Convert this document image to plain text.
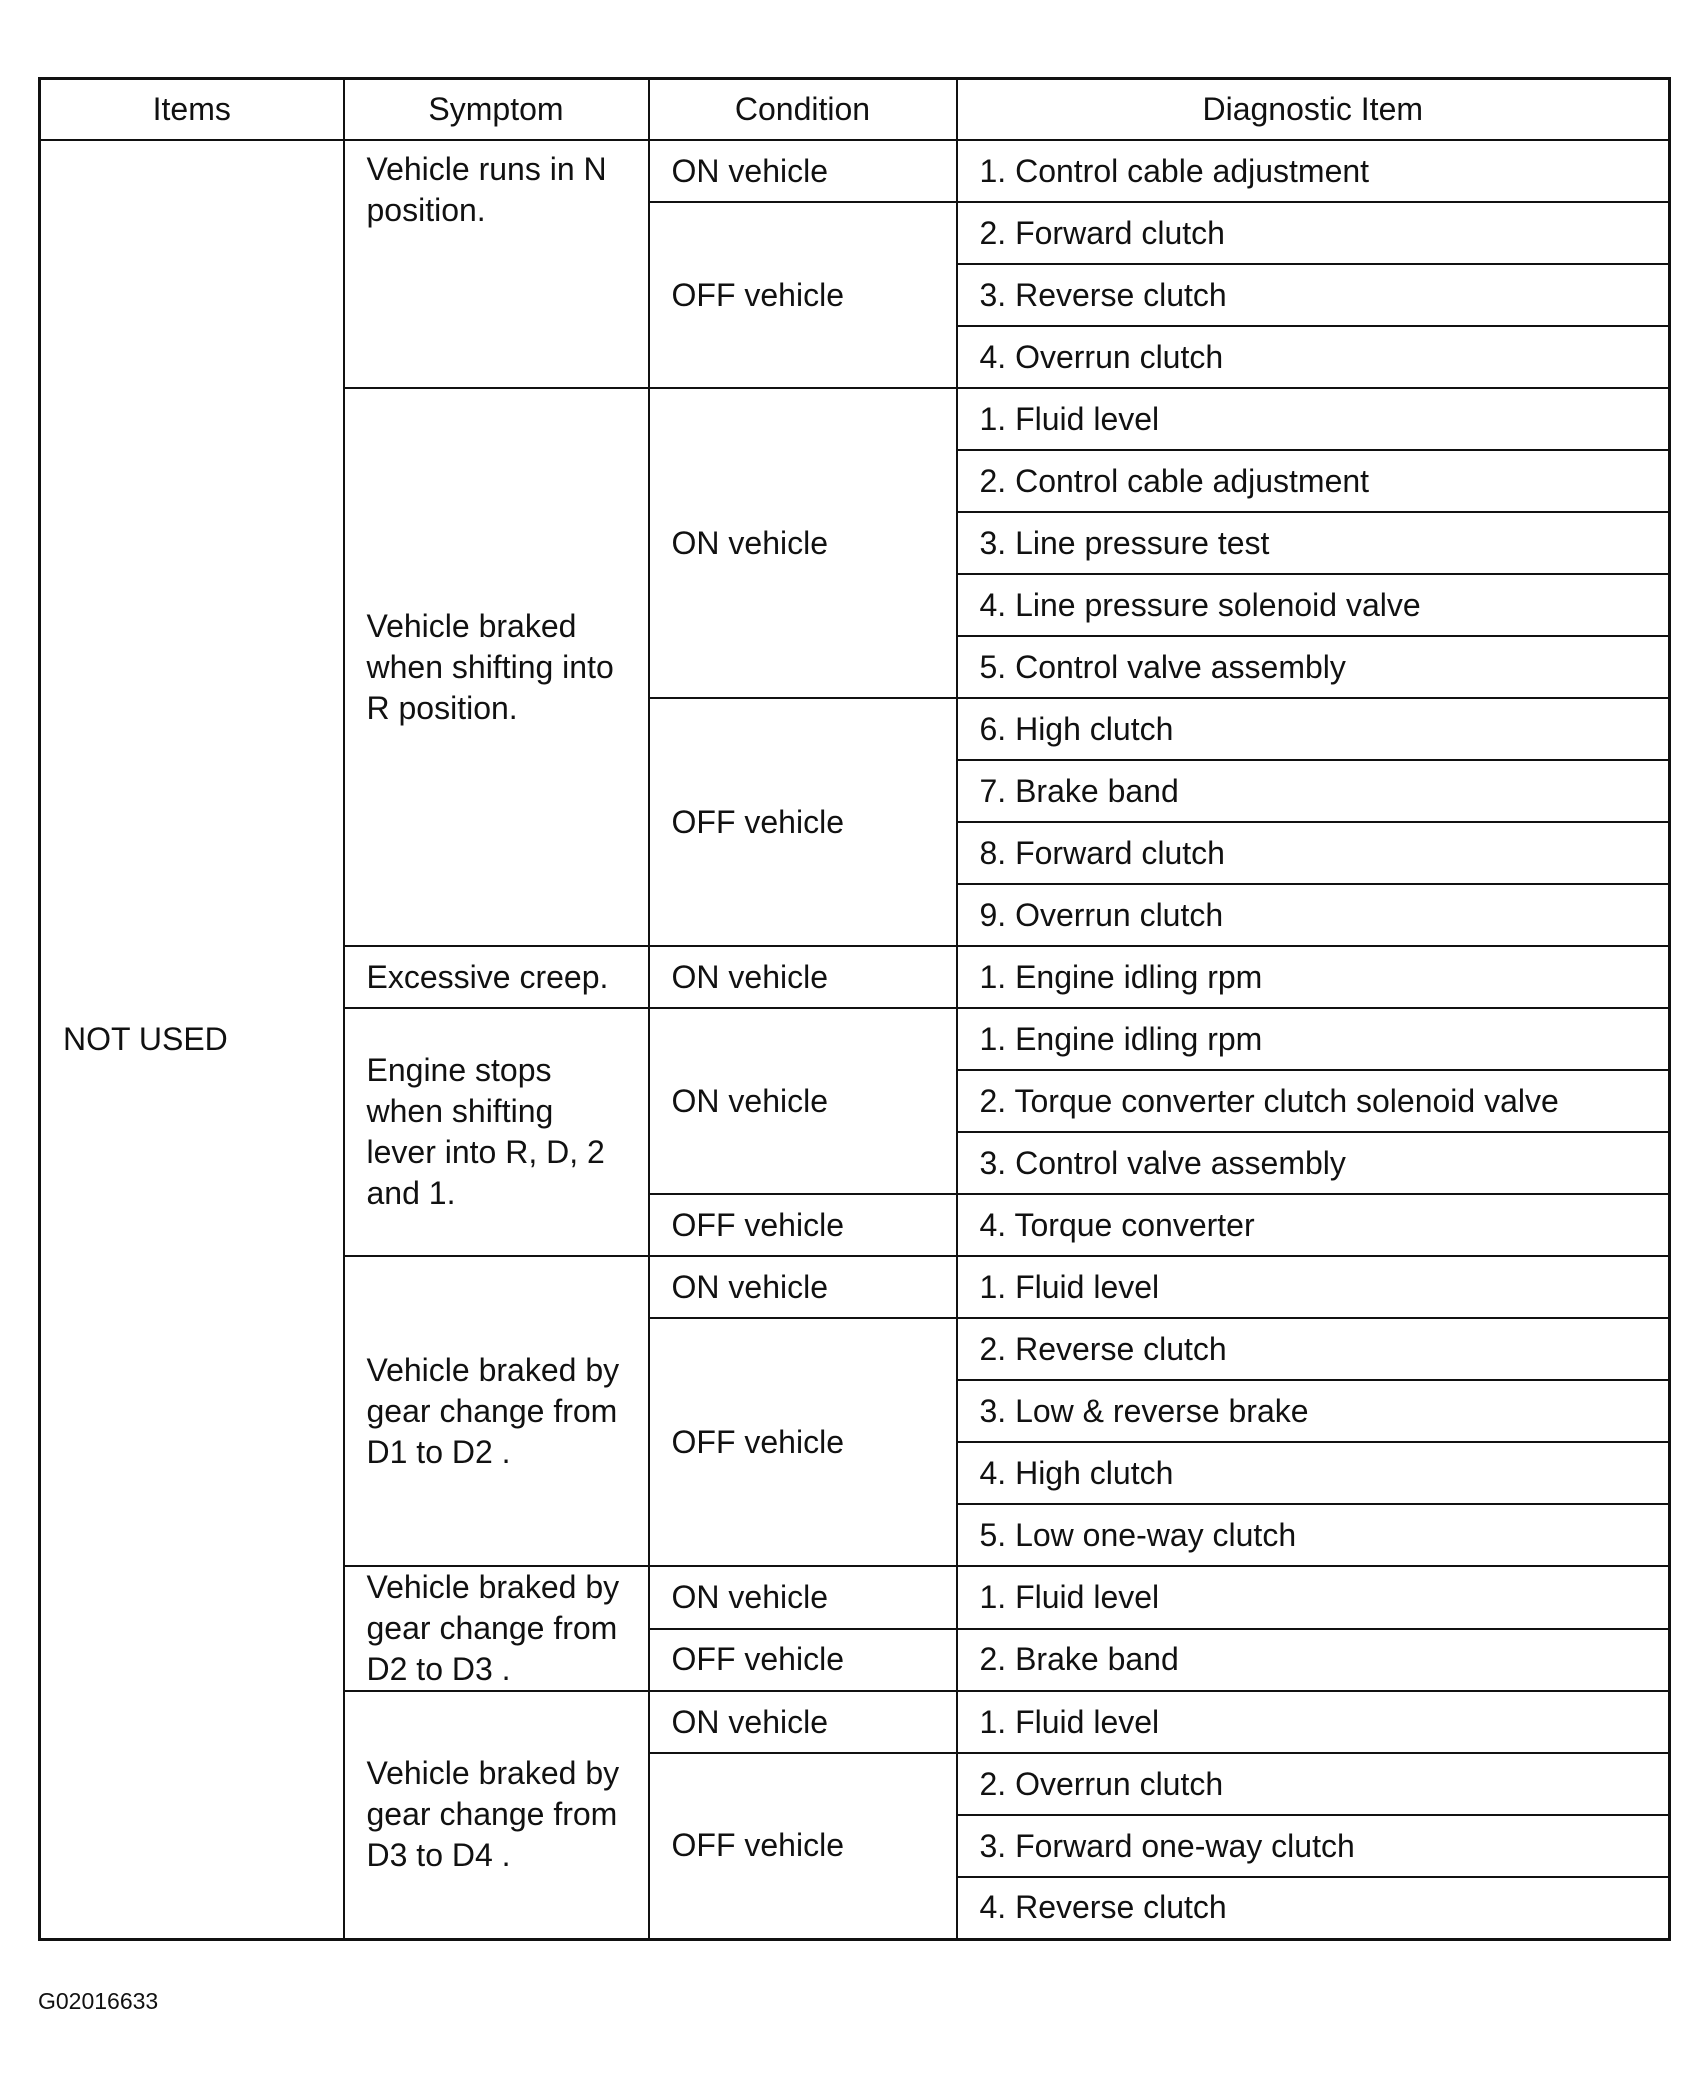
Items	Symptom	Condition	Diagnostic Item
NOT USED	Vehicle runs in N position.	ON vehicle	1. Control cable adjustment
		OFF vehicle	2. Forward clutch
			3. Reverse clutch
			4. Overrun clutch
	Vehicle braked when shifting into R position.	ON vehicle	1. Fluid level
			2. Control cable adjustment
			3. Line pressure test
			4. Line pressure solenoid valve
			5. Control valve assembly
		OFF vehicle	6. High clutch
			7. Brake band
			8. Forward clutch
			9. Overrun clutch
	Excessive creep.	ON vehicle	1. Engine idling rpm
	Engine stops when shifting lever into R, D, 2 and 1.	ON vehicle	1. Engine idling rpm
			2. Torque converter clutch solenoid valve
			3. Control valve assembly
		OFF vehicle	4. Torque converter
	Vehicle braked by gear change from D1 to D2 .	ON vehicle	1. Fluid level
		OFF vehicle	2. Reverse clutch
			3. Low & reverse brake
			4. High clutch
			5. Low one-way clutch
	Vehicle braked by gear change from D2 to D3 .	ON vehicle	1. Fluid level
		OFF vehicle	2. Brake band
	Vehicle braked by gear change from D3 to D4 .	ON vehicle	1. Fluid level
		OFF vehicle	2. Overrun clutch
			3. Forward one-way clutch
			4. Reverse clutch
G02016633
